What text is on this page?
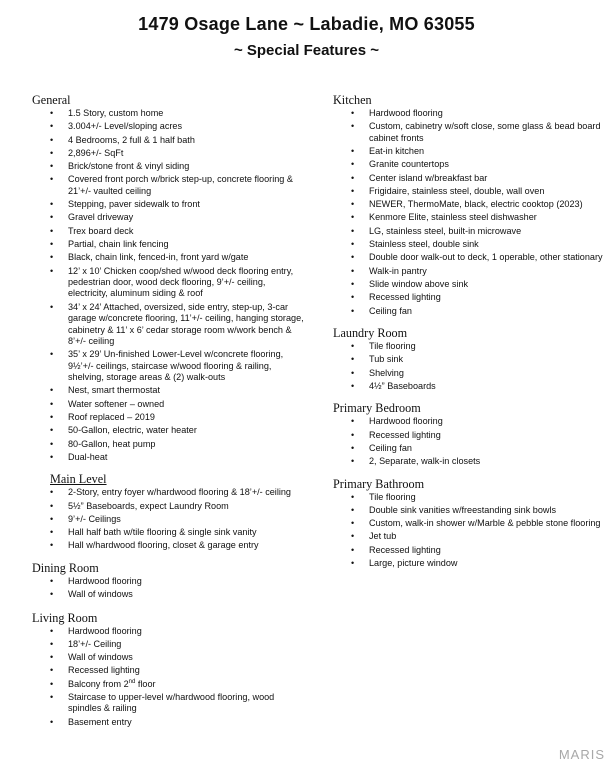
1479 Osage Lane ~ Labadie, MO 63055
~ Special Features ~
General
• 1.5 Story, custom home
• 3.004+/- Level/sloping acres
• 4 Bedrooms, 2 full & 1 half bath
• 2,896+/- SqFt
• Brick/stone front & vinyl siding
• Covered front porch w/brick step-up, concrete flooring & 21’+/- vaulted ceiling
• Stepping, paver sidewalk to front
• Gravel driveway
• Trex board deck
• Partial, chain link fencing
• Black, chain link, fenced-in, front yard w/gate
• 12’ x 10’ Chicken coop/shed w/wood deck flooring entry, pedestrian door, wood deck flooring, 9’+/- ceiling, electricity, aluminum siding & roof
• 34’ x 24’ Attached, oversized, side entry, step-up, 3-car garage w/concrete flooring, 11’+/- ceiling, hanging storage, cabinetry & 11’ x 6’ cedar storage room w/work bench & 8’+/- ceiling
• 35’ x 29’ Un-finished Lower-Level w/concrete flooring, 9½’+/- ceilings, staircase w/wood flooring & railing, shelving, storage areas & (2) walk-outs
• Nest, smart thermostat
• Water softener – owned
• Roof replaced – 2019
• 50-Gallon, electric, water heater
• 80-Gallon, heat pump
• Dual-heat
Main Level
• 2-Story, entry foyer w/hardwood flooring & 18’+/- ceiling
• 5½” Baseboards, expect Laundry Room
• 9’+/- Ceilings
• Hall half bath w/tile flooring & single sink vanity
• Hall w/hardwood flooring, closet & garage entry
Dining Room
• Hardwood flooring
• Wall of windows
Living Room
• Hardwood flooring
• 18’+/- Ceiling
• Wall of windows
• Recessed lighting
• Balcony from 2nd floor
• Staircase to upper-level w/hardwood flooring, wood spindles & railing
• Basement entry
Kitchen
• Hardwood flooring
• Custom, cabinetry w/soft close, some glass & bead board cabinet fronts
• Eat-in kitchen
• Granite countertops
• Center island w/breakfast bar
• Frigidaire, stainless steel, double, wall oven
• NEWER, ThermoMate, black, electric cooktop (2023)
• Kenmore Elite, stainless steel dishwasher
• LG, stainless steel, built-in microwave
• Stainless steel, double sink
• Double door walk-out to deck, 1 operable, other stationary
• Walk-in pantry
• Slide window above sink
• Recessed lighting
• Ceiling fan
Laundry Room
• Tile flooring
• Tub sink
• Shelving
• 4½” Baseboards
Primary Bedroom
• Hardwood flooring
• Recessed lighting
• Ceiling fan
• 2, Separate, walk-in closets
Primary Bathroom
• Tile flooring
• Double sink vanities w/freestanding sink bowls
• Custom, walk-in shower w/Marble & pebble stone flooring
• Jet tub
• Recessed lighting
• Large, picture window
MARIS
